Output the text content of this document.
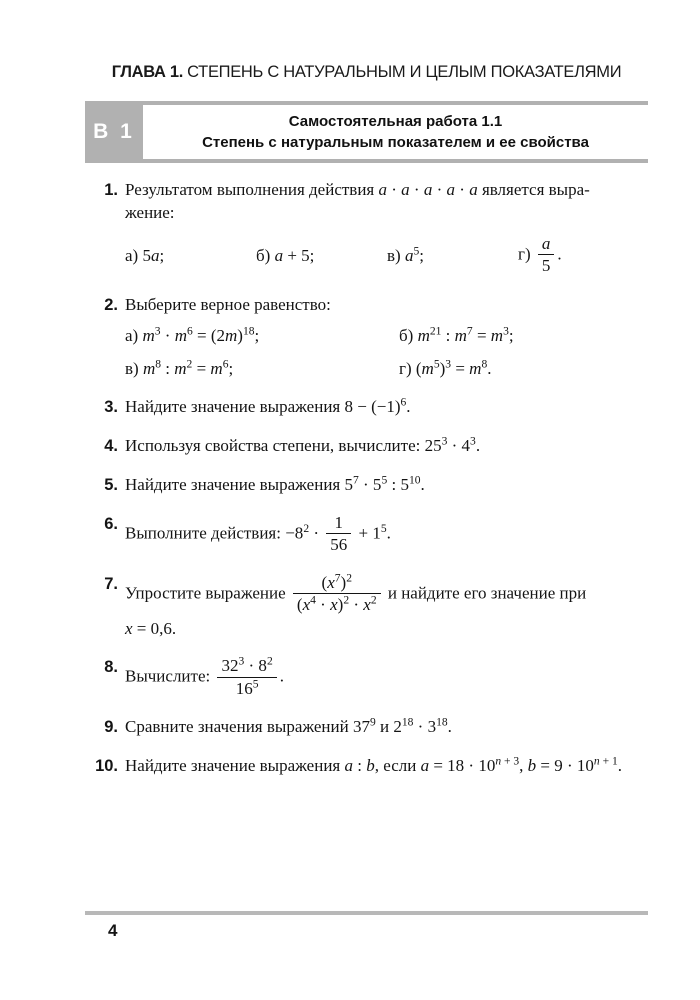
ГЛАВА 1. СТЕПЕНЬ С НАТУРАЛЬНЫМ И ЦЕЛЫМ ПОКАЗАТЕЛЯМИ
В 1	Самостоятельная работа 1.1
Степень с натуральным показателем и ее свойства
1. Результатом выполнения действия a · a · a · a · a является выра-
жение:
а) 5a;	б) a + 5;	в) $a^5$;	$г) \frac{a}{5}$ .
2. Выберите верное равенство:
а) $m^3 \cdot m^6 = (2m)^{18}$;	б) $m^{21}$ : $m^7 = m^3$;
в) $m^8$ : $m^2 = m^6$;	г) $(m^5)^3 = m^8$.
3. Найдите значение выражения $8 - (-1)^6$.
4. Используя свойства степени, вычислите: $25^3 \cdot 4^3$.
5. Найдите значение выражения $5^7 \cdot 5^5$ : $5^{10}$.
6. Выполните действия: $-8^2 \cdot \frac{1}{56} + 1^5$.
7. Упростите выражение $\frac{(x^7)^2}{(x^4 \cdot x)^2 \cdot x^2}$ и найдите его значение при
x = 0,6.
8. Вычислите: $\frac{32^3 \cdot 8^2}{16^5}$ .
9. Сравните значения выражений $37^9$ и $2^{18} \cdot 3^{18}$.
10. Найдите значение выражения a : b, если $a = 18 \cdot 10^{n + 3}$, $b = 9 \cdot 10^{n + 1}$.
4
